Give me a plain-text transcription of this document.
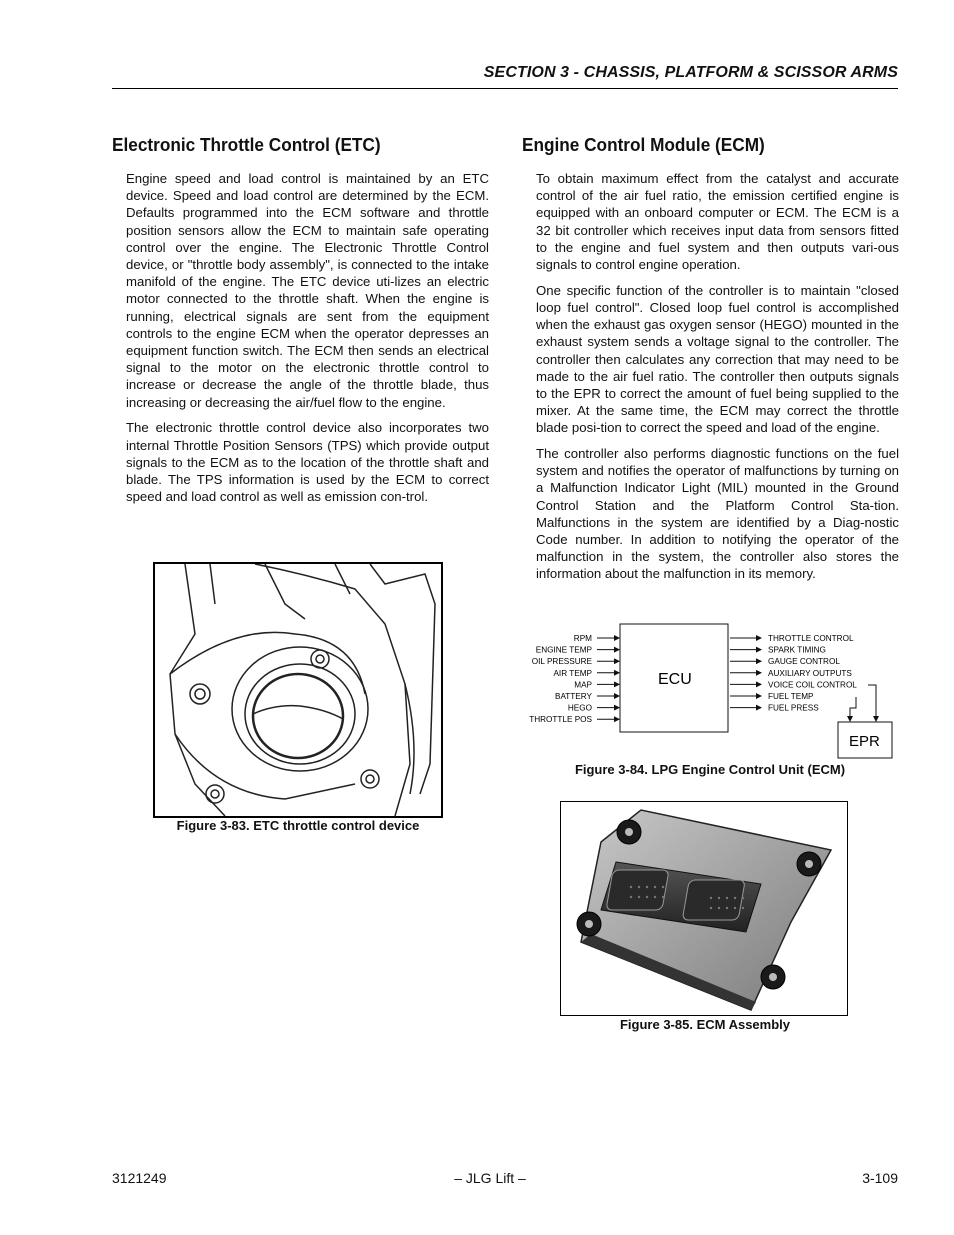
SECTION 3 - CHASSIS, PLATFORM & SCISSOR ARMS
Electronic Throttle Control (ETC)

Engine speed and load control is maintained by an ETC device. Speed and load control are determined by the ECM. Defaults programmed into the ECM software and throttle position sensors allow the ECM to maintain safe operating control over the engine. The Electronic Throttle Control device, or "throttle body assembly", is connected to the intake manifold of the engine. The ETC device uti-lizes an electric motor connected to the throttle shaft. When the engine is running, electrical signals are sent from the equipment controls to the engine ECM when the operator depresses an equipment function switch. The ECM then sends an electrical signal to the motor on the electronic throttle control to increase or decrease the angle of the throttle blade, thus increasing or decreasing the air/fuel flow to the engine.

The electronic throttle control device also incorporates two internal Throttle Position Sensors (TPS) which provide output signals to the ECM as to the location of the throttle shaft and blade. The TPS information is used by the ECM to correct speed and load control as well as emission con-trol.

Figure 3-83. ETC throttle control device
Engine Control Module (ECM)

To obtain maximum effect from the catalyst and accurate control of the air fuel ratio, the emission certified engine is equipped with an onboard computer or ECM. The ECM is a 32 bit controller which receives input data from sensors fitted to the engine and fuel system and then outputs vari-ous signals to control engine operation.

One specific function of the controller is to maintain "closed loop fuel control". Closed loop fuel control is accomplished when the exhaust gas oxygen sensor (HEGO) mounted in the exhaust system sends a voltage signal to the controller. The controller then calculates any correction that may need to be made to the air fuel ratio. The controller then outputs signals to the EPR to correct the amount of fuel being supplied to the mixer. At the same time, the ECM may correct the throttle blade posi-tion to correct the speed and load of the engine.

The controller also performs diagnostic functions on the fuel system and notifies the operator of malfunctions by turning on a Malfunction Indicator Light (MIL) mounted in the Ground Control Station and the Platform Control Sta-tion. Malfunctions in the system are identified by a Diag-nostic Code number. In addition to notifying the operator of the malfunction in the system, the controller also stores the information about the malfunction in its memory.

ECU
EPR
RPM
ENGINE TEMP
OIL PRESSURE
AIR TEMP
MAP
BATTERY
HEGO
THROTTLE POS
THROTTLE CONTROL
SPARK TIMING
GAUGE CONTROL
AUXILIARY OUTPUTS
VOICE COIL CONTROL
FUEL TEMP
FUEL PRESS
Figure 3-84. LPG Engine Control Unit (ECM)
Figure 3-85. ECM Assembly
3121249	– JLG Lift –	3-109
